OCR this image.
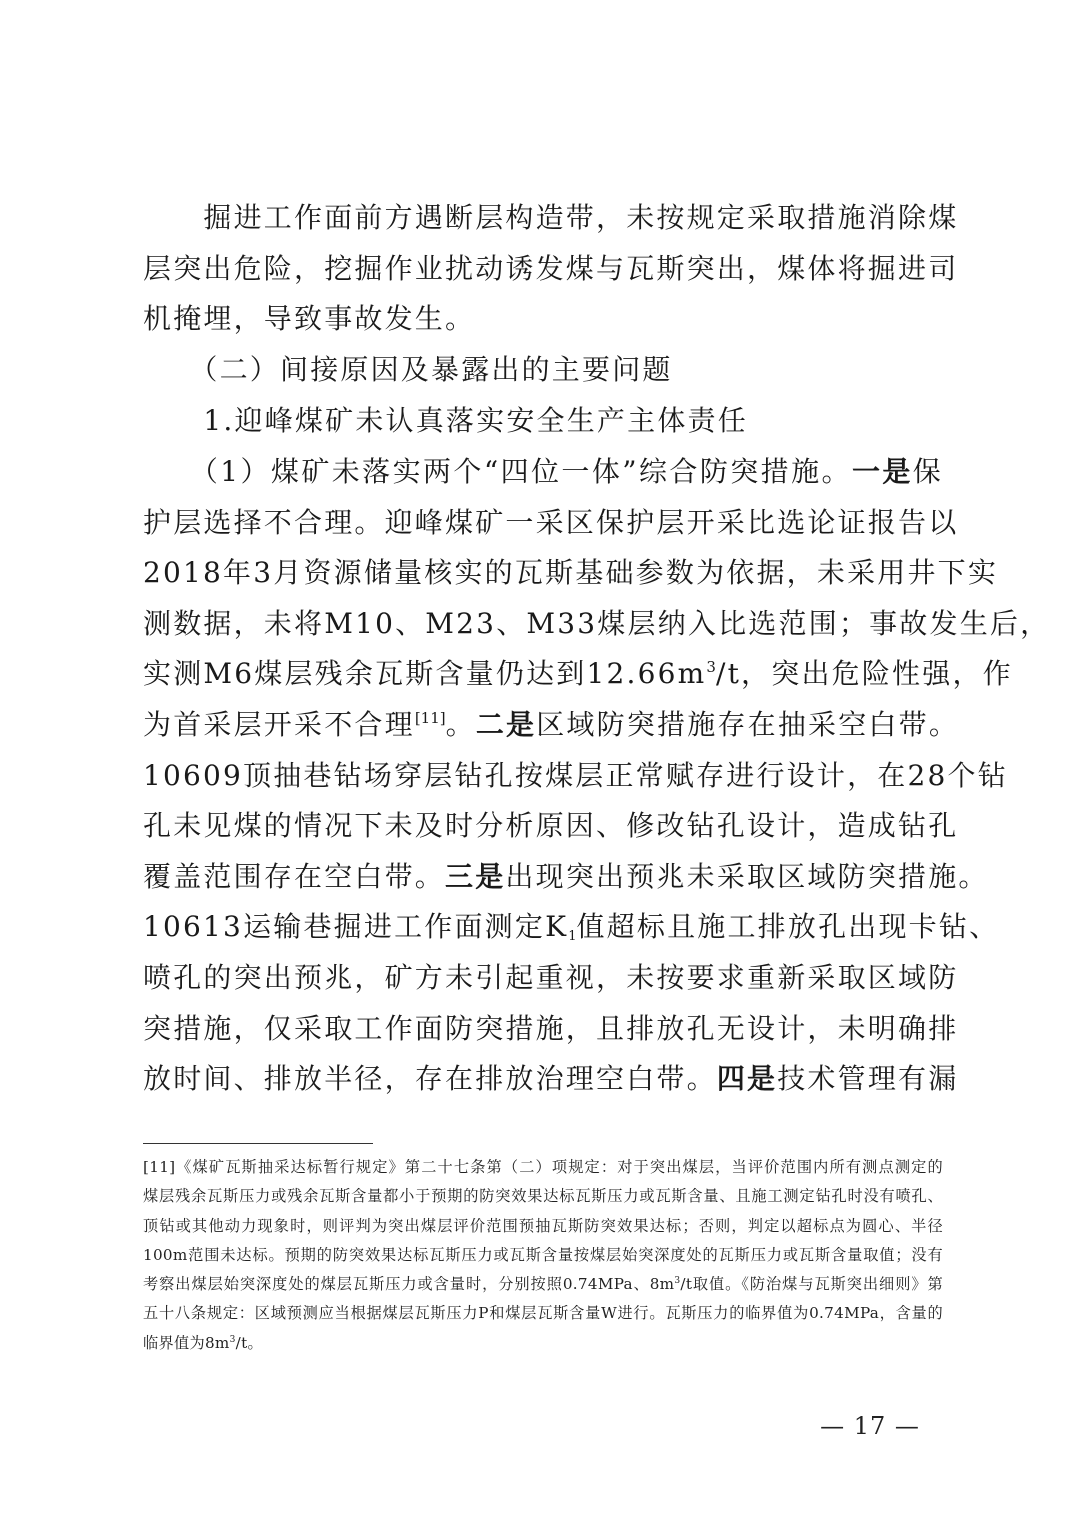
　　掘进工作面前方遇断层构造带，未按规定采取措施消除煤
层突出危险，挖掘作业扰动诱发煤与瓦斯突出，煤体将掘进司
机掩埋，导致事故发生。
　　（二）间接原因及暴露出的主要问题
　　1.迎峰煤矿未认真落实安全生产主体责任
　　（1）煤矿未落实两个“四位一体”综合防突措施。一是保
护层选择不合理。迎峰煤矿一采区保护层开采比选论证报告以
2018年3月资源储量核实的瓦斯基础参数为依据，未采用井下实
测数据，未将M10、M23、M33煤层纳入比选范围；事故发生后，
实测M6煤层残余瓦斯含量仍达到$12.66m^3/t$，突出危险性强，作
为首采层开采不合理[11]。二是区域防突措施存在抽采空白带。
10609顶抽巷钻场穿层钻孔按煤层正常赋存进行设计，在28个钻
孔未见煤的情况下未及时分析原因、修改钻孔设计，造成钻孔
覆盖范围存在空白带。三是出现突出预兆未采取区域防突措施。
10613运输巷掘进工作面测定$K_1$值超标且施工排放孔出现卡钻、
喷孔的突出预兆，矿方未引起重视，未按要求重新采取区域防
突措施，仅采取工作面防突措施，且排放孔无设计，未明确排
放时间、排放半径，存在排放治理空白带。四是技术管理有漏
[11]《煤矿瓦斯抽采达标暂行规定》第二十七条第（二）项规定：对于突出煤层，当评价范围内所有测点测定的
煤层残余瓦斯压力或残余瓦斯含量都小于预期的防突效果达标瓦斯压力或瓦斯含量、且施工测定钻孔时没有喷孔、
顶钻或其他动力现象时，则评判为突出煤层评价范围预抽瓦斯防突效果达标；否则，判定以超标点为圆心、半径
100m范围未达标。预期的防突效果达标瓦斯压力或瓦斯含量按煤层始突深度处的瓦斯压力或瓦斯含量取值；没有
考察出煤层始突深度处的煤层瓦斯压力或含量时，分别按照0.74MPa、8m$^3$/t取值。《防治煤与瓦斯突出细则》第
五十八条规定：区域预测应当根据煤层瓦斯压力P和煤层瓦斯含量W进行。瓦斯压力的临界值为0.74MPa，含量的
临界值为8m$^3$/t。
— 17 —
